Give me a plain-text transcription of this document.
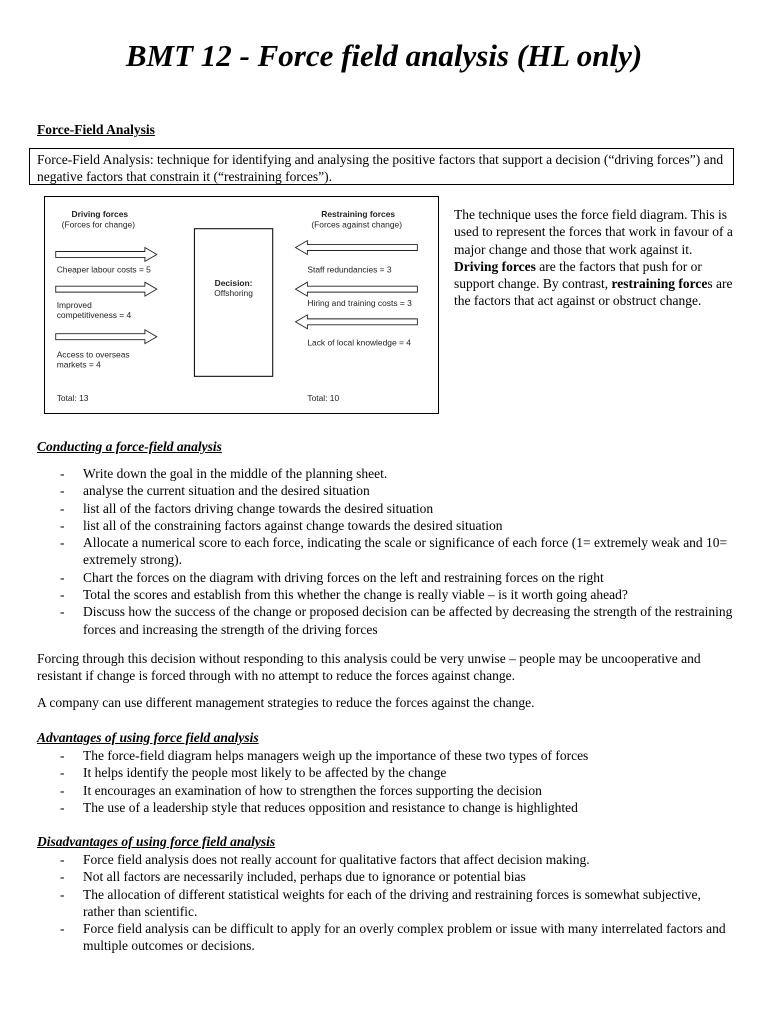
BMT 12 - Force field analysis (HL only)
Force-Field Analysis

Force-Field Analysis: technique for identifying and analysing the positive factors that support a decision (“driving forces”) and negative factors that constrain it (“restraining forces”).

Driving forces
(Forces for change)
Restraining forces
(Forces against change)
Decision:
Offshoring
Cheaper labour costs = 5
Improved
competitiveness = 4
Access to overseas
markets = 4
Staff redundancies = 3
Hiring and training costs = 3
Lack of local knowledge = 4
Total: 13	Total: 10

The technique uses the force field diagram. This is used to represent the forces that work in favour of a major change and those that work against it. Driving forces are the factors that push for or support change. By contrast, restraining forces are the factors that act against or obstruct change.

Conducting a force-field analysis
- Write down the goal in the middle of the planning sheet.
- analyse the current situation and the desired situation
- list all of the factors driving change towards the desired situation
- list all of the constraining factors against change towards the desired situation
- Allocate a numerical score to each force, indicating the scale or significance of each force (1= extremely weak and 10= extremely strong).
- Chart the forces on the diagram with driving forces on the left and restraining forces on the right
- Total the scores and establish from this whether the change is really viable – is it worth going ahead?
- Discuss how the success of the change or proposed decision can be affected by decreasing the strength of the restraining forces and increasing the strength of the driving forces

Forcing through this decision without responding to this analysis could be very unwise – people may be uncooperative and resistant if change is forced through with no attempt to reduce the forces against change.

A company can use different management strategies to reduce the forces against the change.

Advantages of using force field analysis
- The force-field diagram helps managers weigh up the importance of these two types of forces
- It helps identify the people most likely to be affected by the change
- It encourages an examination of how to strengthen the forces supporting the decision
- The use of a leadership style that reduces opposition and resistance to change is highlighted
Disadvantages of using force field analysis
- Force field analysis does not really account for qualitative factors that affect decision making.
- Not all factors are necessarily included, perhaps due to ignorance or potential bias
- The allocation of different statistical weights for each of the driving and restraining forces is somewhat subjective, rather than scientific.
- Force field analysis can be difficult to apply for an overly complex problem or issue with many interrelated factors and multiple outcomes or decisions.
